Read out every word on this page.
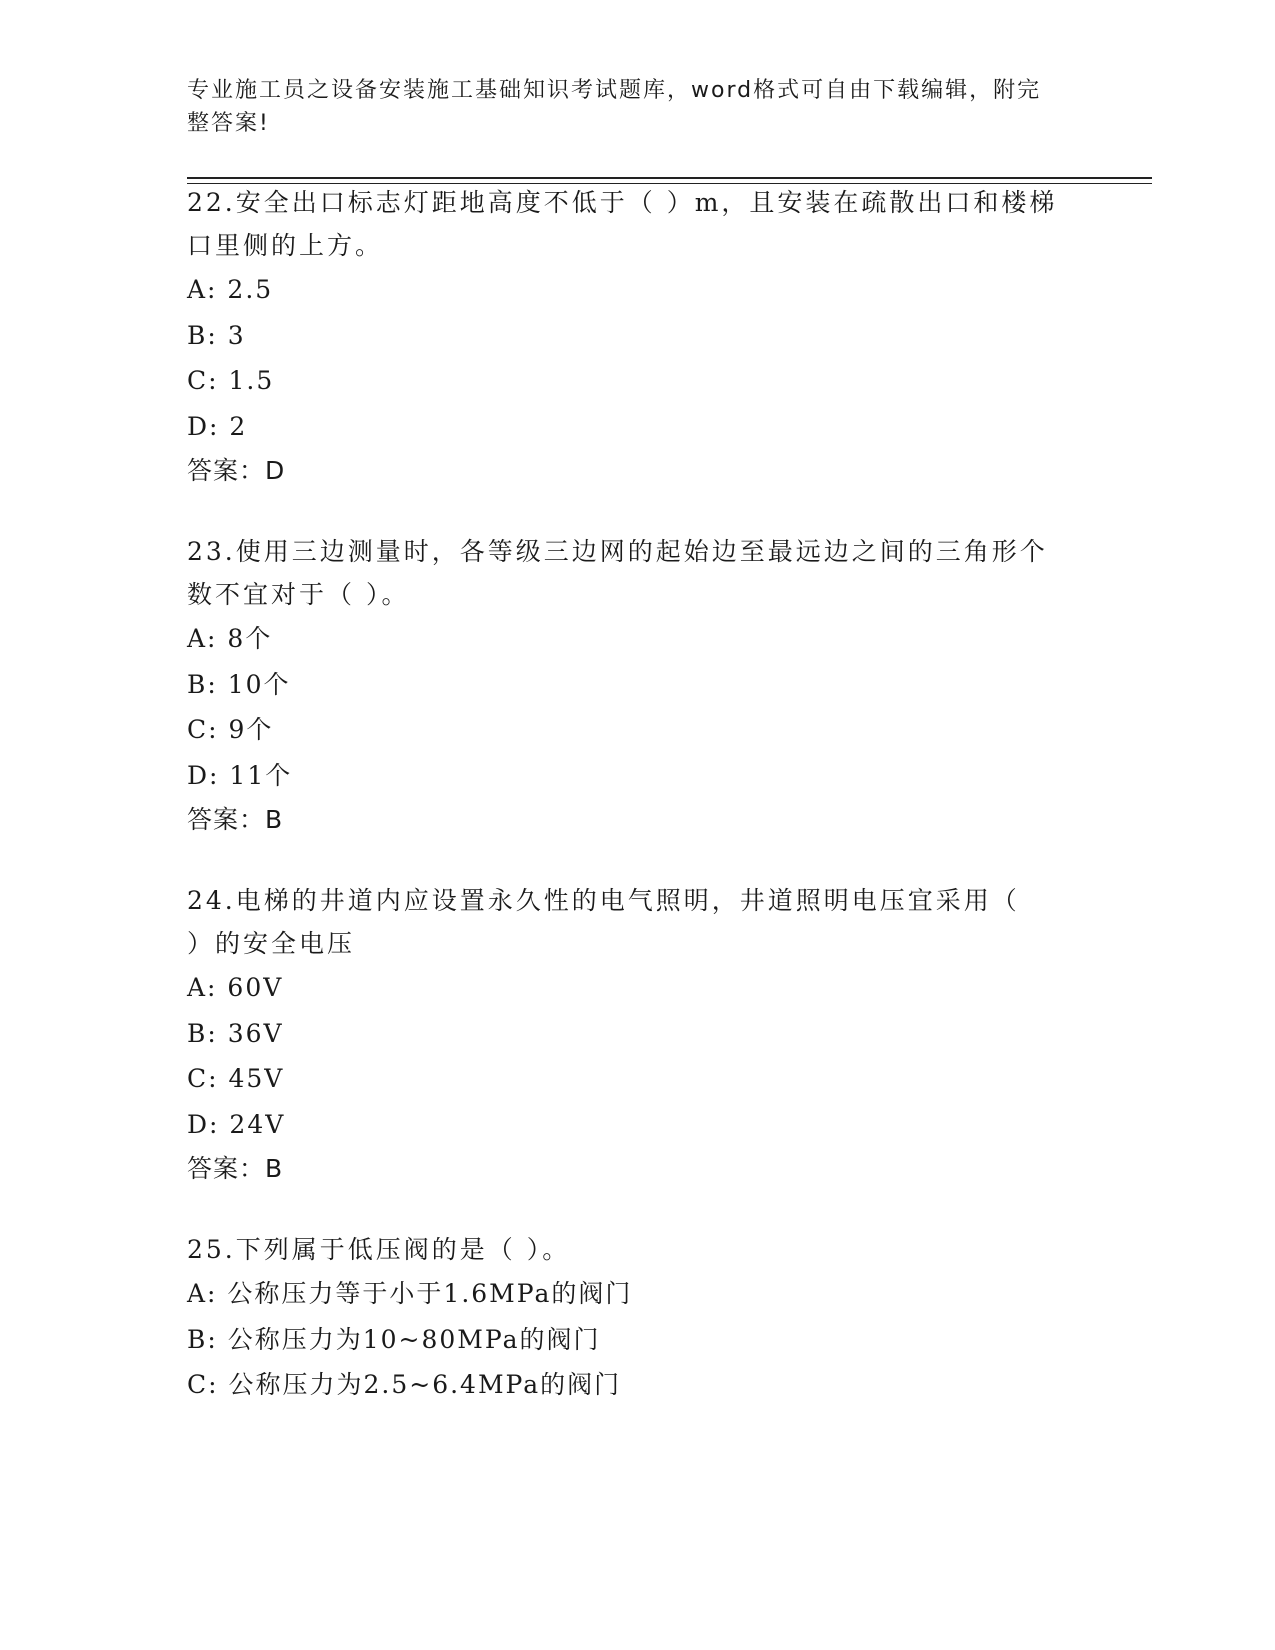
专业施工员之设备安装施工基础知识考试题库，word格式可自由下载编辑，附完
整答案!

22.安全出口标志灯距地高度不低于（ ）m，且安装在疏散出口和楼梯
口里侧的上方。

A: 2.5

B: 3

C: 1.5

D: 2

答案：D

23.使用三边测量时，各等级三边网的起始边至最远边之间的三角形个
数不宜对于（ ）。

A: 8个

B: 10个

C: 9个

D: 11个

答案：B

24.电梯的井道内应设置永久性的电气照明，井道照明电压宜采用（
）的安全电压

A: 60V

B: 36V

C: 45V

D: 24V

答案：B

25.下列属于低压阀的是（ ）。

A: 公称压力等于小于1.6MPa的阀门

B: 公称压力为10~80MPa的阀门

C: 公称压力为2.5~6.4MPa的阀门
